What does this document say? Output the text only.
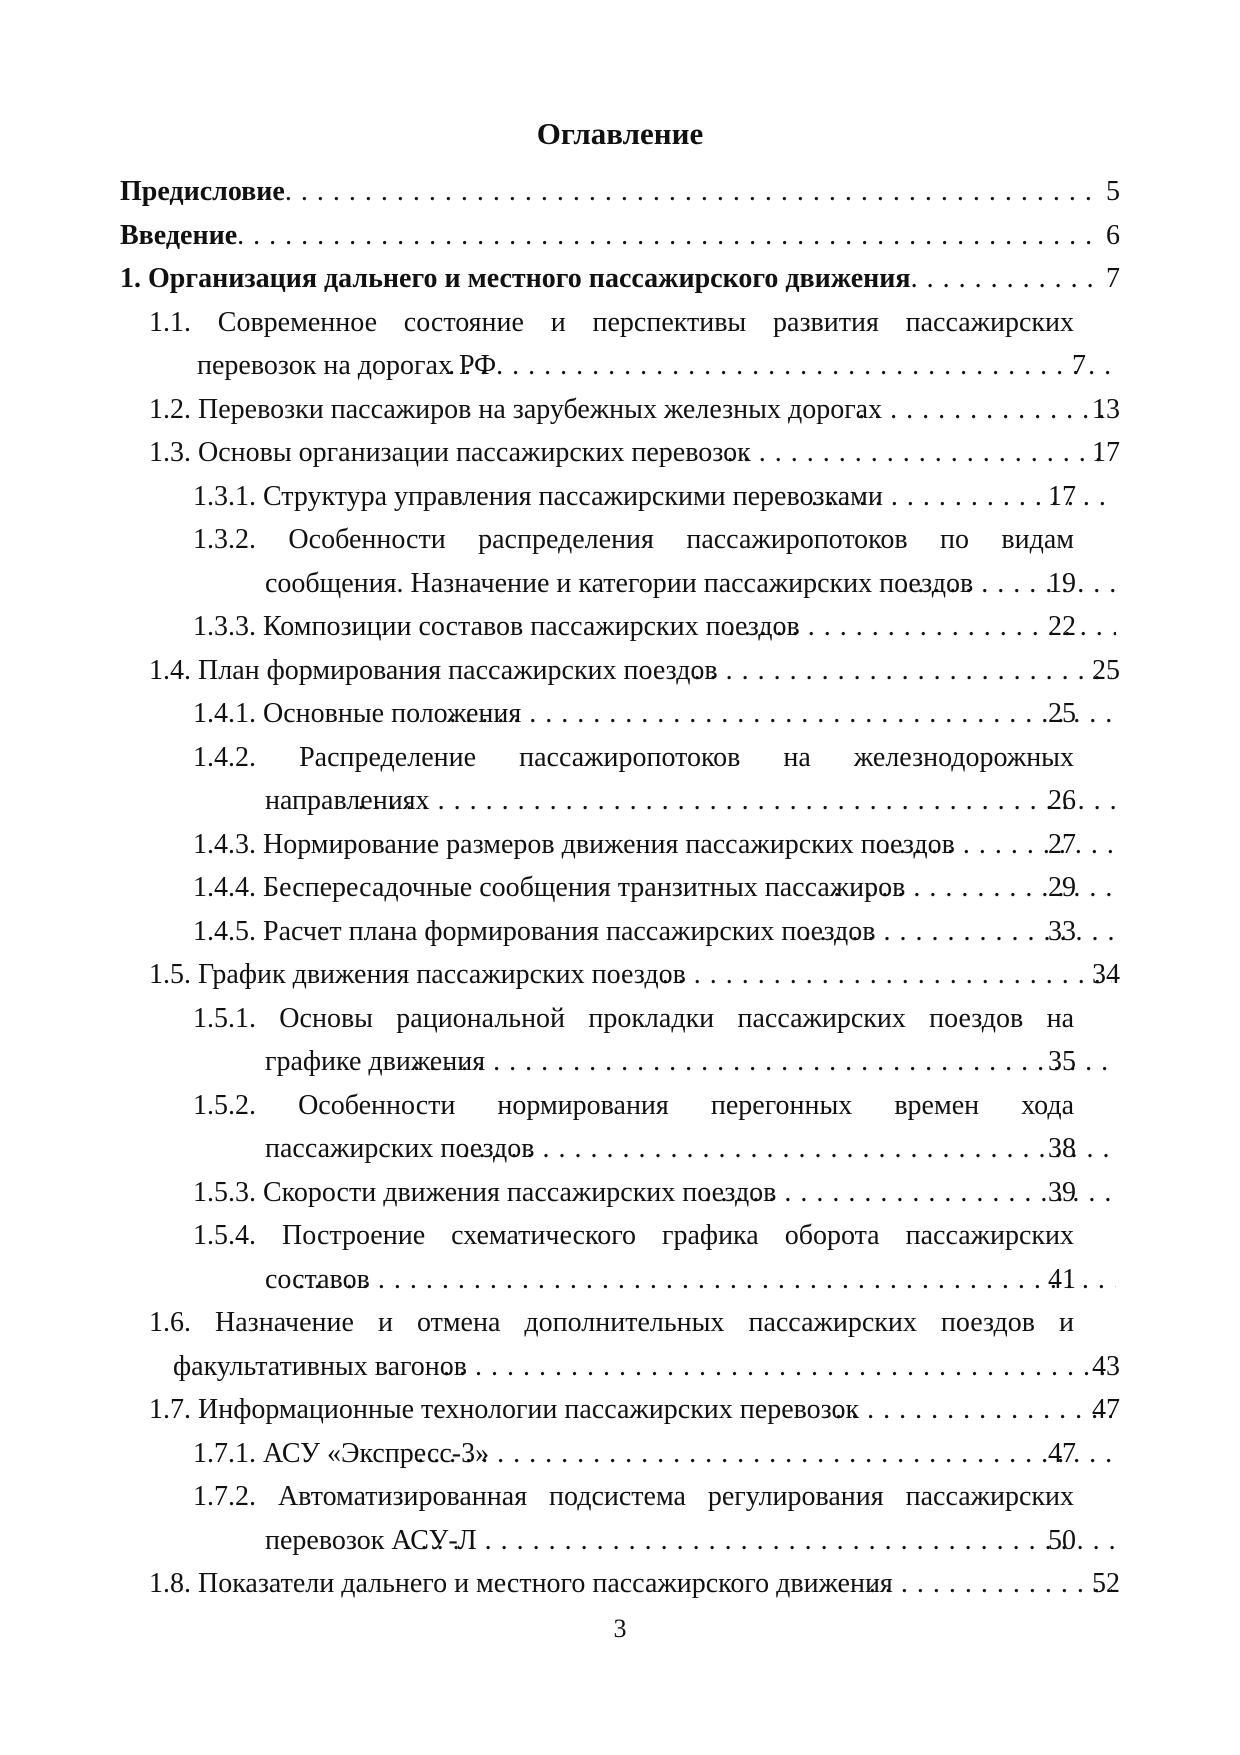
Оглавление
Предисловие . . .	5
Введение . . .	6
1. Организация дальнего и местного пассажирского движения . . .	7
1.1. Современное состояние и перспективы развития пассажирских перевозок на дорогах РФ . . .	7
1.2. Перевозки пассажиров на зарубежных железных дорогах . . .	13
1.3. Основы организации пассажирских перевозок . . .	17
1.3.1. Структура управления пассажирскими перевозками . . .	17
1.3.2. Особенности распределения пассажиропотоков по видам сообщения. Назначение и категории пассажирских поездов . . .	19
1.3.3. Композиции составов пассажирских поездов . . .	22
1.4. План формирования пассажирских поездов . . .	25
1.4.1. Основные положения . . .	25
1.4.2. Распределение пассажиропотоков на железнодорожных направлениях . . .	26
1.4.3. Нормирование размеров движения пассажирских поездов . . .	27
1.4.4. Беспересадочные сообщения транзитных пассажиров . . .	29
1.4.5. Расчет плана формирования пассажирских поездов . . .	33
1.5. График движения пассажирских поездов . . .	34
1.5.1. Основы рациональной прокладки пассажирских поездов на графике движения . . .	35
1.5.2. Особенности нормирования перегонных времен хода пассажирских поездов . . .	38
1.5.3. Скорости движения пассажирских поездов . . .	39
1.5.4. Построение схематического графика оборота пассажирских составов . . .	41
1.6. Назначение и отмена дополнительных пассажирских поездов и факультативных вагонов . . .	43
1.7. Информационные технологии пассажирских перевозок . . .	47
1.7.1. АСУ «Экспресс-3» . . .	47
1.7.2. Автоматизированная подсистема регулирования пассажирских перевозок АСУ-Л . . .	50
1.8. Показатели дальнего и местного пассажирского движения . . .	52
3
